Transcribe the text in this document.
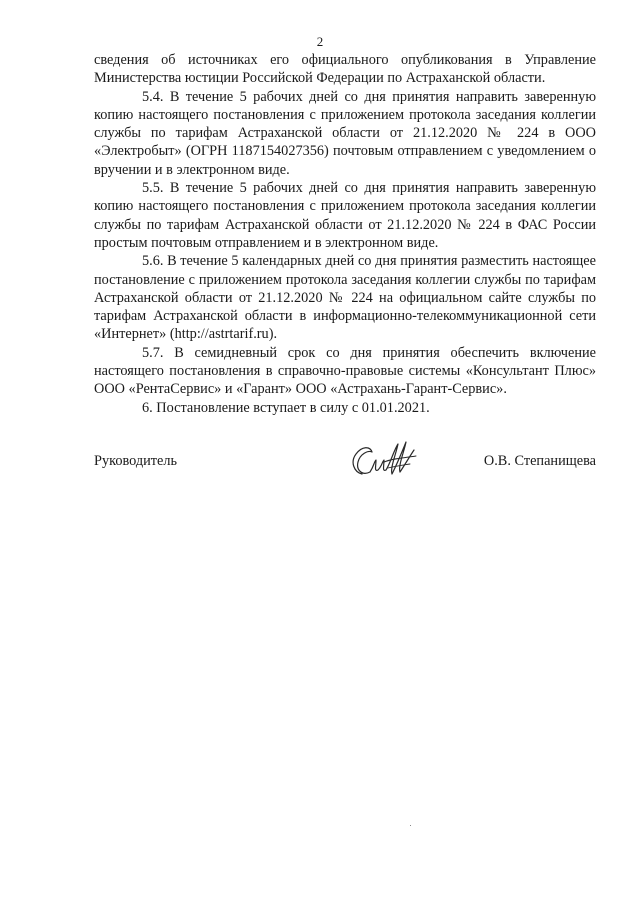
2

сведения об источниках его официального опубликования в Управление Министерства юстиции Российской Федерации по Астраханской области.

5.4. В течение 5 рабочих дней со дня принятия направить заверенную копию настоящего постановления с приложением протокола заседания коллегии службы по тарифам Астраханской области от 21.12.2020 № 224 в ООО «Электробыт» (ОГРН 1187154027356) почтовым отправлением с уведомлением о вручении и в электронном виде.

5.5. В течение 5 рабочих дней со дня принятия направить заверенную копию настоящего постановления с приложением протокола заседания коллегии службы по тарифам Астраханской области от 21.12.2020 № 224 в ФАС России простым почтовым отправлением и в электронном виде.

5.6. В течение 5 календарных дней со дня принятия разместить настоящее постановление с приложением протокола заседания коллегии службы по тарифам Астраханской области от 21.12.2020 № 224 на официальном сайте службы по тарифам Астраханской области в информационно-телекоммуникационной сети «Интернет» (http://astrtarif.ru).

5.7. В семидневный срок со дня принятия обеспечить включение настоящего постановления в справочно-правовые системы «Консультант Плюс» ООО «РентаСервис» и «Гарант» ООО «Астрахань-Гарант-Сервис».

6. Постановление вступает в силу с 01.01.2021.

Руководитель	О.В. Степанищева
